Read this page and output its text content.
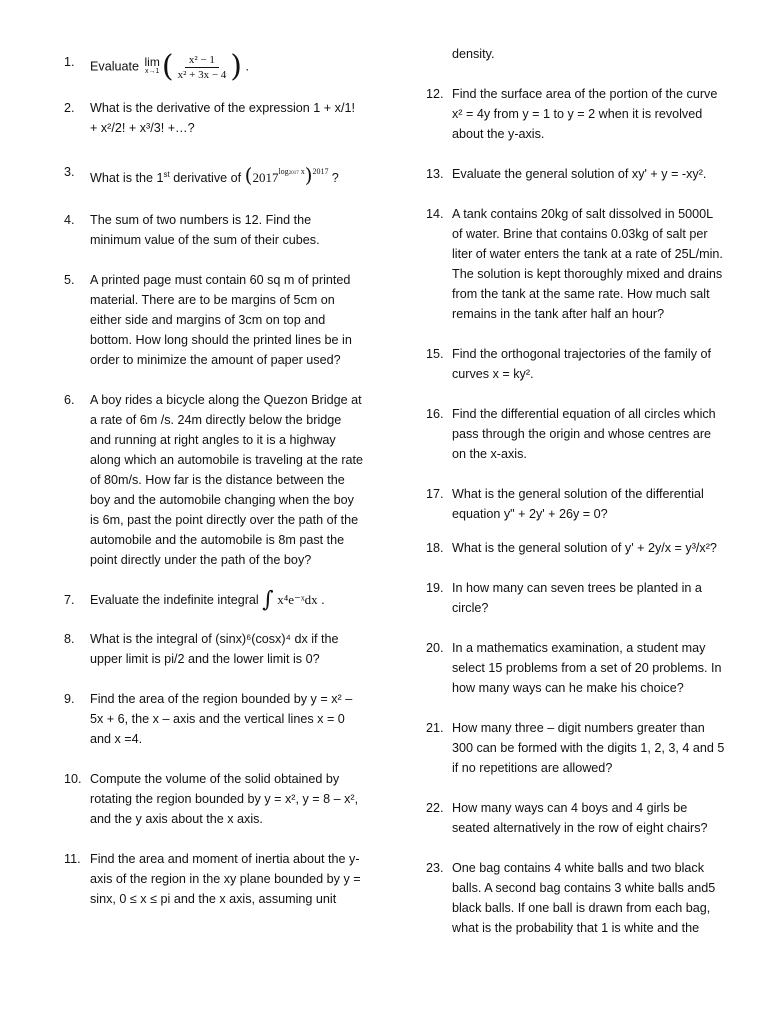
1.	Evaluate lim
x→1 ( $\frac{\text{x² − 1}}{\text{x² + 3x − 4}}$ ) .
2.	What is the derivative of the expression 1 + x/1!
+ x²/2! + x³/3! +…?
3.	What is the 1st derivative of $(2017^{log2017 x})^{2017}$ ?
4.	The sum of two numbers is 12. Find the minimum value of the sum of their cubes.
5.	A printed page must contain 60 sq m of printed material. There are to be margins of 5cm on either side and margins of 3cm on top and bottom. How long should the printed lines be in order to minimize the amount of paper used?
6.	A boy rides a bicycle along the Quezon Bridge at a rate of 6m /s. 24m directly below the bridge and running at right angles to it is a highway along which an automobile is traveling at the rate of 80m/s. How far is the distance between the boy and the automobile changing when the boy is 6m, past the point directly over the path of the automobile and the automobile is 8m past the point directly under the path of the boy?
7.	Evaluate the indefinite integral ∫ x⁴e⁻ˣdx .
8.	What is the integral of (sinx)⁶(cosx)⁴ dx if the upper limit is pi/2 and the lower limit is 0?
9.	Find the area of the region bounded by y = x² – 5x + 6, the x – axis and the vertical lines x = 0 and x =4.
10. Compute the volume of the solid obtained by rotating the region bounded by y = x², y = 8 – x², and the y axis about the x axis.
11. Find the area and moment of inertia about the y-axis of the region in the xy plane bounded by y = sinx, 0 ≤ x ≤ pi and the x axis, assuming unit
density.
12. Find the surface area of the portion of the curve x² = 4y from y = 1 to y = 2 when it is revolved about the y-axis.
13. Evaluate the general solution of xy' + y = -xy².
14. A tank contains 20kg of salt dissolved in 5000L of water. Brine that contains 0.03kg of salt per liter of water enters the tank at a rate of 25L/min. The solution is kept thoroughly mixed and drains from the tank at the same rate. How much salt remains in the tank after half an hour?
15. Find the orthogonal trajectories of the family of curves x = ky².
16. Find the differential equation of all circles which pass through the origin and whose centres are on the x-axis.
17. What is the general solution of the differential equation y" + 2y' + 26y = 0?
18. What is the general solution of y' + 2y/x = y³/x²?
19. In how many can seven trees be planted in a circle?
20. In a mathematics examination, a student may select 15 problems from a set of 20 problems. In how many ways can he make his choice?
21. How many three – digit numbers greater than 300 can be formed with the digits 1, 2, 3, 4 and 5 if no repetitions are allowed?
22. How many ways can 4 boys and 4 girls be seated alternatively in the row of eight chairs?
23. One bag contains 4 white balls and two black balls. A second bag contains 3 white balls and5 black balls. If one ball is drawn from each bag, what is the probability that 1 is white and the
